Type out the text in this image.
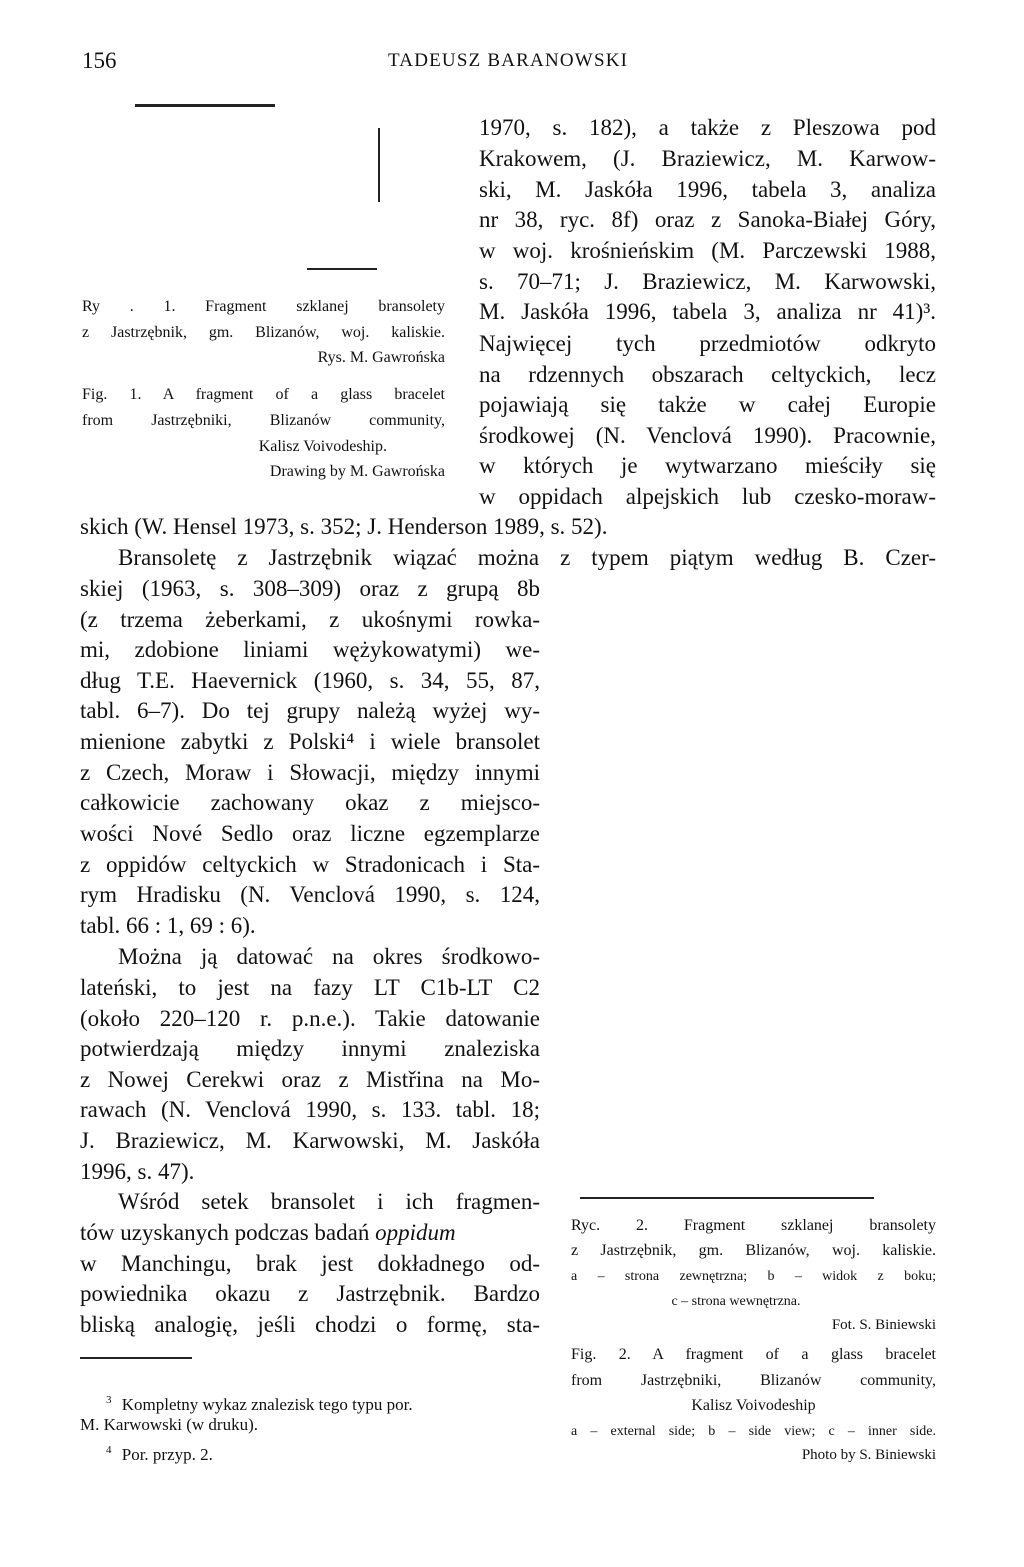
156	TADEUSZ BARANOWSKI
Ry . 1. Fragment szklanej bransolety
z Jastrzębnik, gm. Blizanów, woj. kaliskie.
Rys. M. Gawrońska
Fig. 1. A fragment of a glass bracelet
from Jastrzębniki, Blizanów community,
Kalisz Voivodeship.
Drawing by M. Gawrońska
1970, s. 182), a także z Pleszowa pod
Krakowem, (J. Braziewicz, M. Karwow-
ski, M. Jaskóła 1996, tabela 3, analiza
nr 38, ryc. 8f) oraz z Sanoka-Białej Góry,
w woj. krośnieńskim (M. Parczewski 1988,
s. 70–71; J. Braziewicz, M. Karwowski,
M. Jaskóła 1996, tabela 3, analiza nr 41)³.
Najwięcej tych przedmiotów odkryto
na rdzennych obszarach celtyckich, lecz
pojawiają się także w całej Europie
środkowej (N. Venclová 1990). Pracownie,
w których je wytwarzano mieściły się
w oppidach alpejskich lub czesko-moraw-
skich (W. Hensel 1973, s. 352; J. Henderson 1989, s. 52).
Bransoletę z Jastrzębnik wiązać można z typem piątym według B. Czer-
skiej (1963, s. 308–309) oraz z grupą 8b
(z trzema żeberkami, z ukośnymi rowka-
mi, zdobione liniami wężykowatymi) we-
dług T.E. Haevernick (1960, s. 34, 55, 87,
tabl. 6–7). Do tej grupy należą wyżej wy-
mienione zabytki z Polski⁴ i wiele bransolet
z Czech, Moraw i Słowacji, między innymi
całkowicie zachowany okaz z miejsco-
wości Nové Sedlo oraz liczne egzemplarze
z oppidów celtyckich w Stradonicach i Sta-
rym Hradisku (N. Venclová 1990, s. 124,
tabl. 66 : 1, 69 : 6).
Można ją datować na okres środkowo-
lateński, to jest na fazy LT C1b-LT C2
(około 220–120 r. p.n.e.). Takie datowanie
potwierdzają między innymi znaleziska
z Nowej Cerekwi oraz z Mistřina na Mo-
rawach (N. Venclová 1990, s. 133. tabl. 18;
J. Braziewicz, M. Karwowski, M. Jaskóła
1996, s. 47).
Wśród setek bransolet i ich fragmen-
tów uzyskanych podczas badań oppidum
w Manchingu, brak jest dokładnego od-
powiednika okazu z Jastrzębnik. Bardzo
bliską analogię, jeśli chodzi o formę, sta-
$^3$ Kompletny wykaz znalezisk tego typu por.
M. Karwowski (w druku).
$^4$ Por. przyp. 2.
Ryc. 2. Fragment szklanej bransolety
z Jastrzębnik, gm. Blizanów, woj. kaliskie.
a – strona zewnętrzna; b – widok z boku;
c – strona wewnętrzna.
Fot. S. Biniewski
Fig. 2. A fragment of a glass bracelet
from Jastrzębniki, Blizanów community,
Kalisz Voivodeship
a – external side; b – side view; c – inner side.
Photo by S. Biniewski
